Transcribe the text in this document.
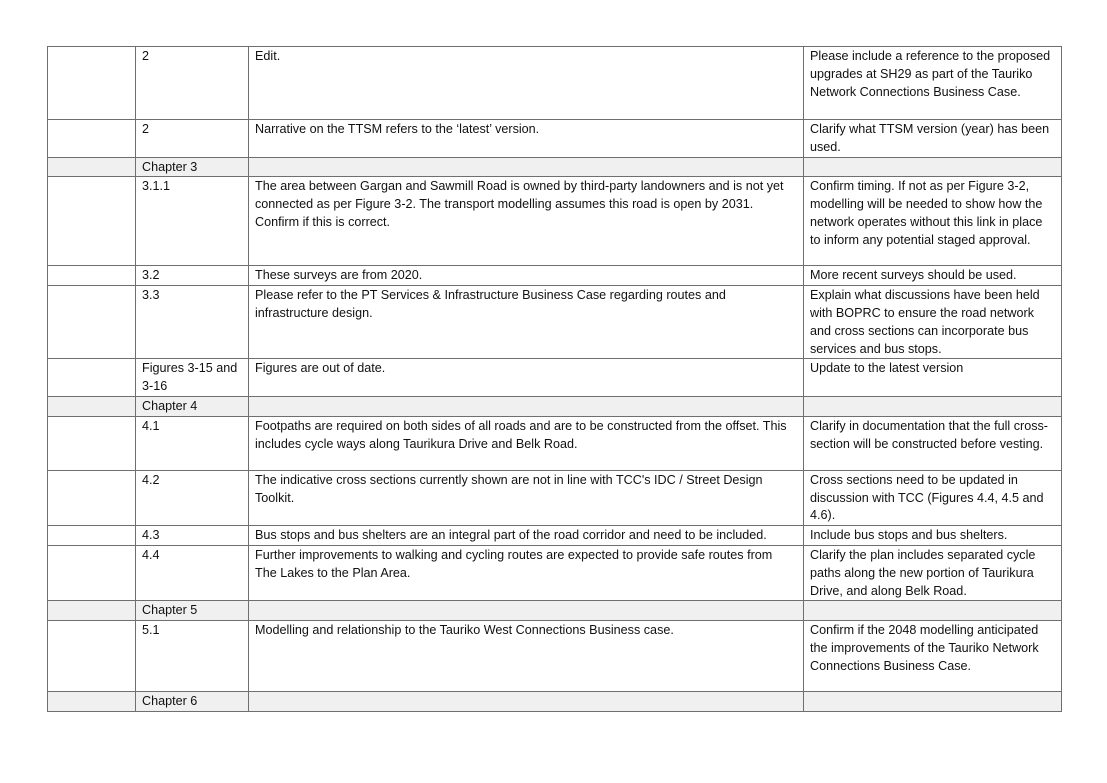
	2	Edit.	Please include a reference to the proposed upgrades at SH29 as part of the Tauriko Network Connections Business Case.
	2	Narrative on the TTSM refers to the ‘latest’ version.	Clarify what TTSM version (year) has been used.
	Chapter 3		
	3.1.1	The area between Gargan and Sawmill Road is owned by third-party landowners and is not yet connected as per Figure 3-2. The transport modelling assumes this road is open by 2031. Confirm if this is correct.	Confirm timing. If not as per Figure 3-2, modelling will be needed to show how the network operates without this link in place to inform any potential staged approval.
	3.2	These surveys are from 2020.	More recent surveys should be used.
	3.3	Please refer to the PT Services & Infrastructure Business Case regarding routes and infrastructure design.	Explain what discussions have been held with BOPRC to ensure the road network and cross sections can incorporate bus services and bus stops.
	Figures 3-15 and 3-16	Figures are out of date.	Update to the latest version
	Chapter 4		
	4.1	Footpaths are required on both sides of all roads and are to be constructed from the offset. This includes cycle ways along Taurikura Drive and Belk Road.	Clarify in documentation that the full cross-section will be constructed before vesting.
	4.2	The indicative cross sections currently shown are not in line with TCC's IDC / Street Design Toolkit.	Cross sections need to be updated in discussion with TCC (Figures 4.4, 4.5 and 4.6).
	4.3	Bus stops and bus shelters are an integral part of the road corridor and need to be included.	Include bus stops and bus shelters.
	4.4	Further improvements to walking and cycling routes are expected to provide safe routes from The Lakes to the Plan Area.	Clarify the plan includes separated cycle paths along the new portion of Taurikura Drive, and along Belk Road.
	Chapter 5		
	5.1	Modelling and relationship to the Tauriko West Connections Business case.	Confirm if the 2048 modelling anticipated the improvements of the Tauriko Network Connections Business Case.
	Chapter 6		
